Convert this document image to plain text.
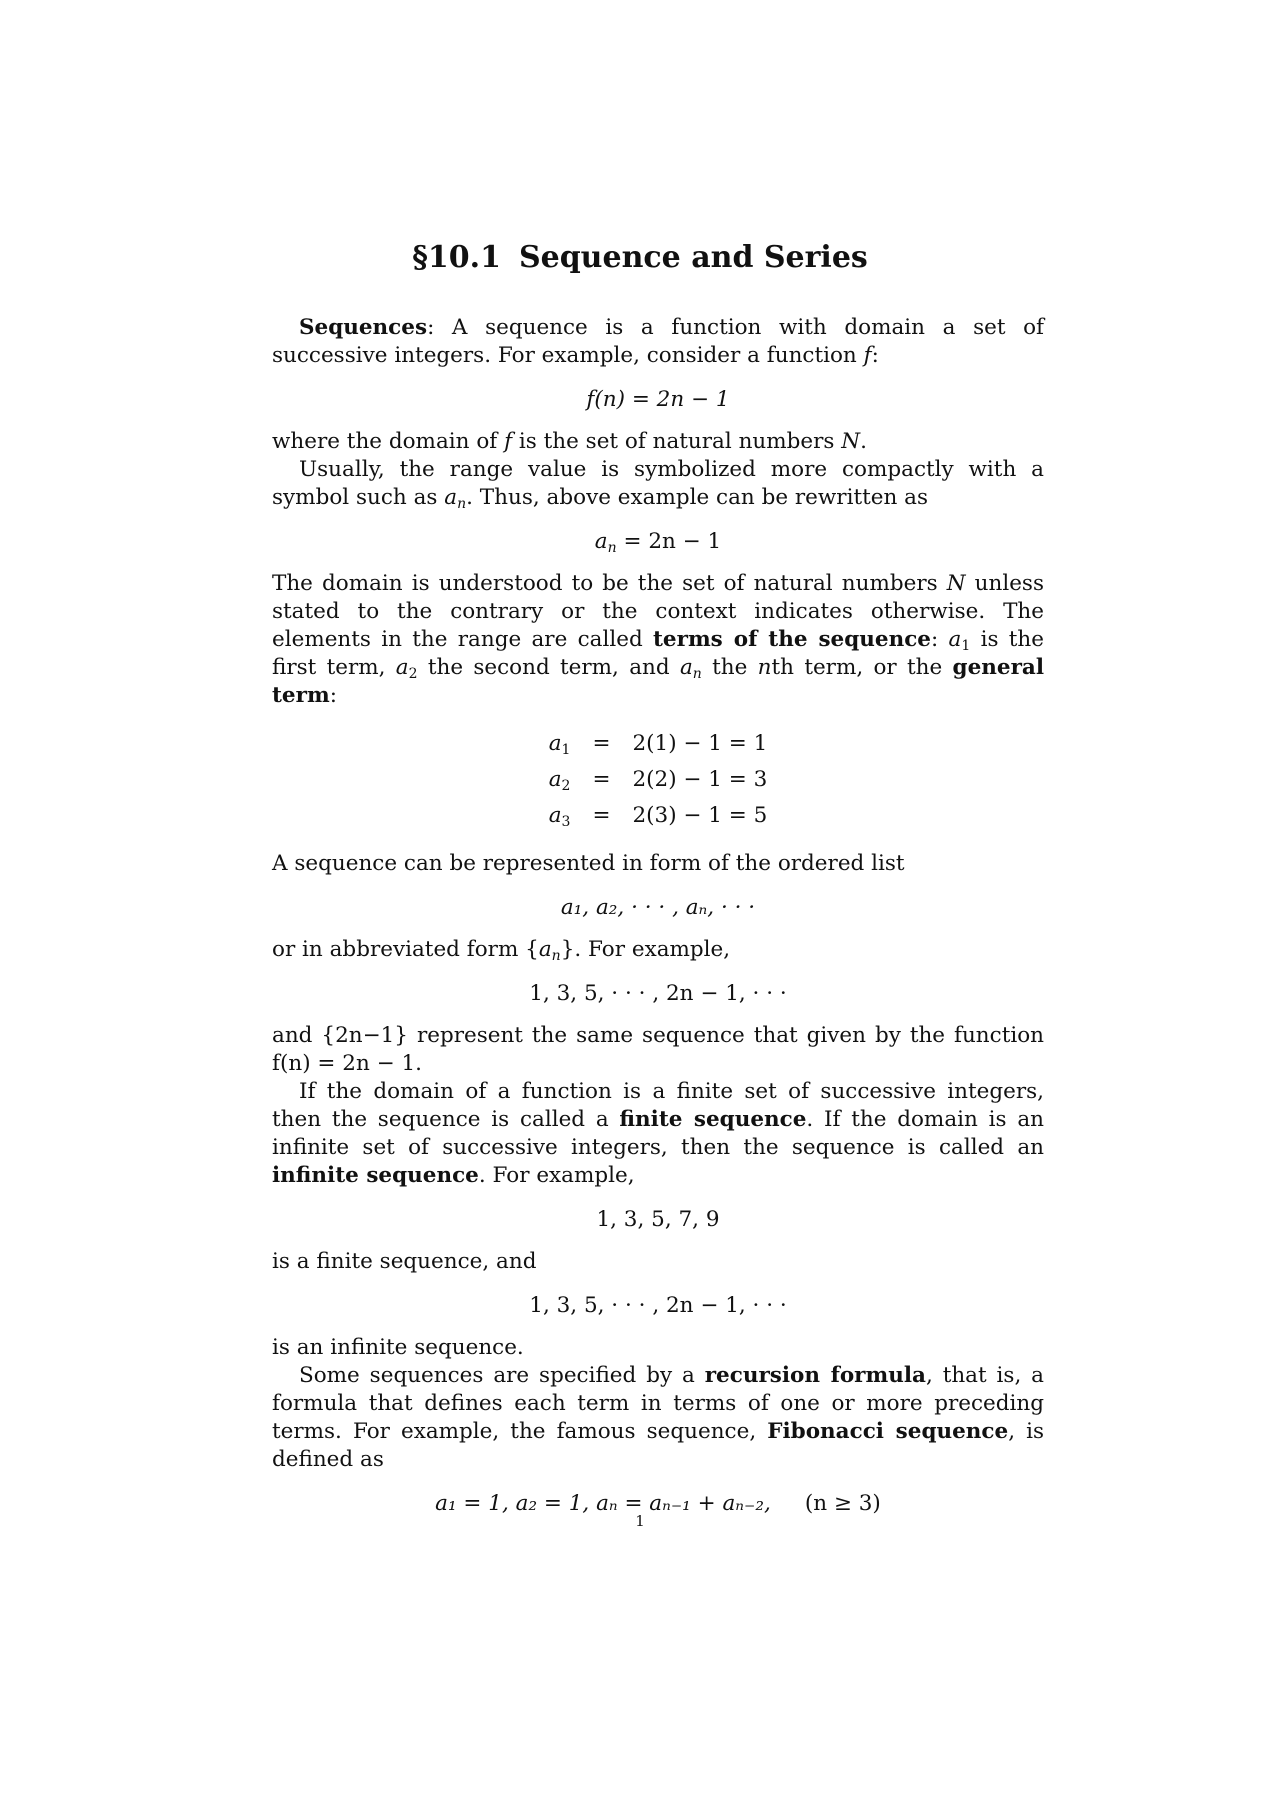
§10.1 Sequence and Series

Sequences: A sequence is a function with domain a set of successive integers. For example, consider a function f:

f(n) = 2n − 1

where the domain of f is the set of natural numbers N.

Usually, the range value is symbolized more compactly with a symbol such as $a_n$. Thus, above example can be rewritten as

$a_n = 2n - 1$

The domain is understood to be the set of natural numbers N unless stated to the contrary or the context indicates otherwise. The elements in the range are called terms of the sequence: $a_1$ is the first term, $a_2$ the second term, and $a_n$ the nth term, or the general term:

$a_1$	=	2(1) − 1 = 1
$a_2$	=	2(2) − 1 = 3
$a_3$	=	2(3) − 1 = 5

A sequence can be represented in form of the ordered list

a₁, a₂, · · · , aₙ, · · ·

or in abbreviated form $\{a_n\}$. For example,

1, 3, 5, · · · , 2n − 1, · · ·

and {2n−1} represent the same sequence that given by the function f(n) = 2n − 1.

If the domain of a function is a finite set of successive integers, then the sequence is called a finite sequence. If the domain is an infinite set of successive integers, then the sequence is called an infinite sequence. For example,

1, 3, 5, 7, 9

is a finite sequence, and

1, 3, 5, · · · , 2n − 1, · · ·

is an infinite sequence.

Some sequences are specified by a recursion formula, that is, a formula that defines each term in terms of one or more preceding terms. For example, the famous sequence, Fibonacci sequence, is defined as

a₁ = 1, a₂ = 1, aₙ = aₙ₋₁ + aₙ₋₂, (n ≥ 3)
1
